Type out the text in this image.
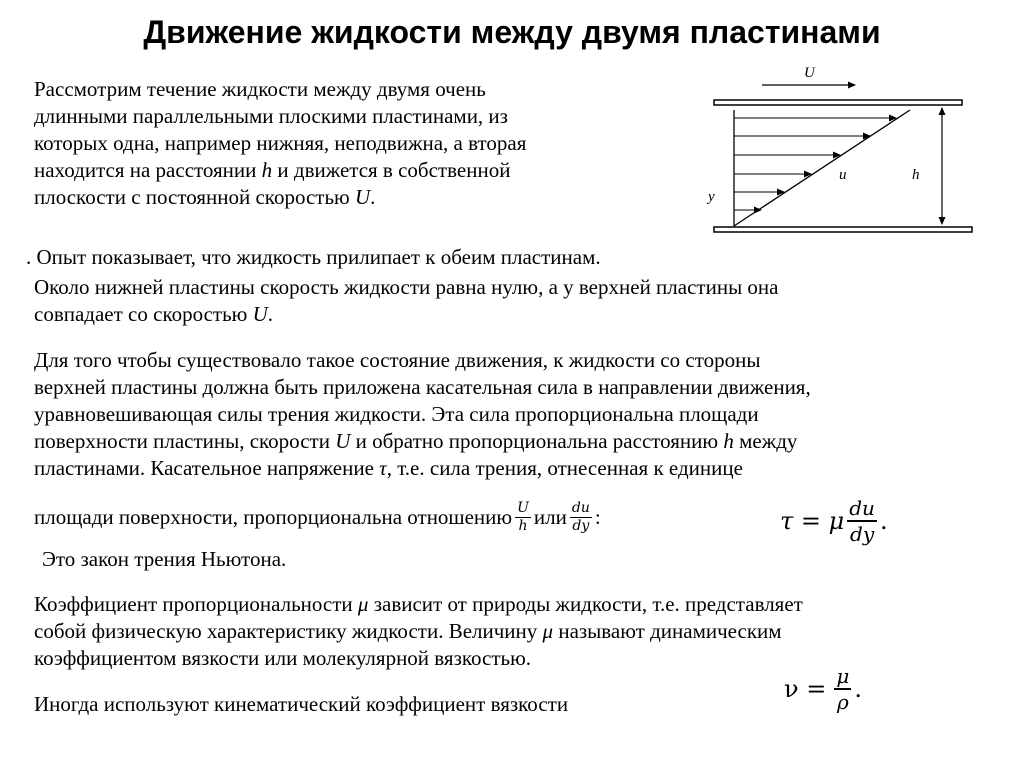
Движение жидкости между двумя пластинами
Рассмотрим течение жидкости между двумя очень
длинными параллельными плоскими пластинами, из
которых одна, например нижняя, неподвижна, а вторая
находится на расстоянии h и движется в собственной
плоскости с постоянной скоростью U.
U
u	h
y
. Опыт показывает, что жидкость прилипает к обеим пластинам.
Около нижней пластины скорость жидкости равна нулю, а у верхней пластины она
совпадает со скоростью U.
Для того чтобы существовало такое состояние движения, к жидкости со стороны
верхней пластины должна быть приложена касательная сила в направлении движения,
уравновешивающая силы трения жидкости. Эта сила пропорциональна площади
поверхности пластины, скорости U и обратно пропорциональна расстоянию h между
пластинами. Касательное напряжение τ, т.е. сила трения, отнесенная к единице
площади поверхности, пропорциональна отношению $\frac{U}{h}$ или $\frac{du}{dy}$ :
Это закон трения Ньютона.
τ = μ $\frac{du}{dy}$ .
Коэффициент пропорциональности μ зависит от природы жидкости, т.е. представляет
собой физическую характеристику жидкости. Величину μ называют динамическим
коэффициентом вязкости или молекулярной вязкостью.
Иногда используют кинематический коэффициент вязкости
$\nu = \frac{\mu}{\rho}$ .
